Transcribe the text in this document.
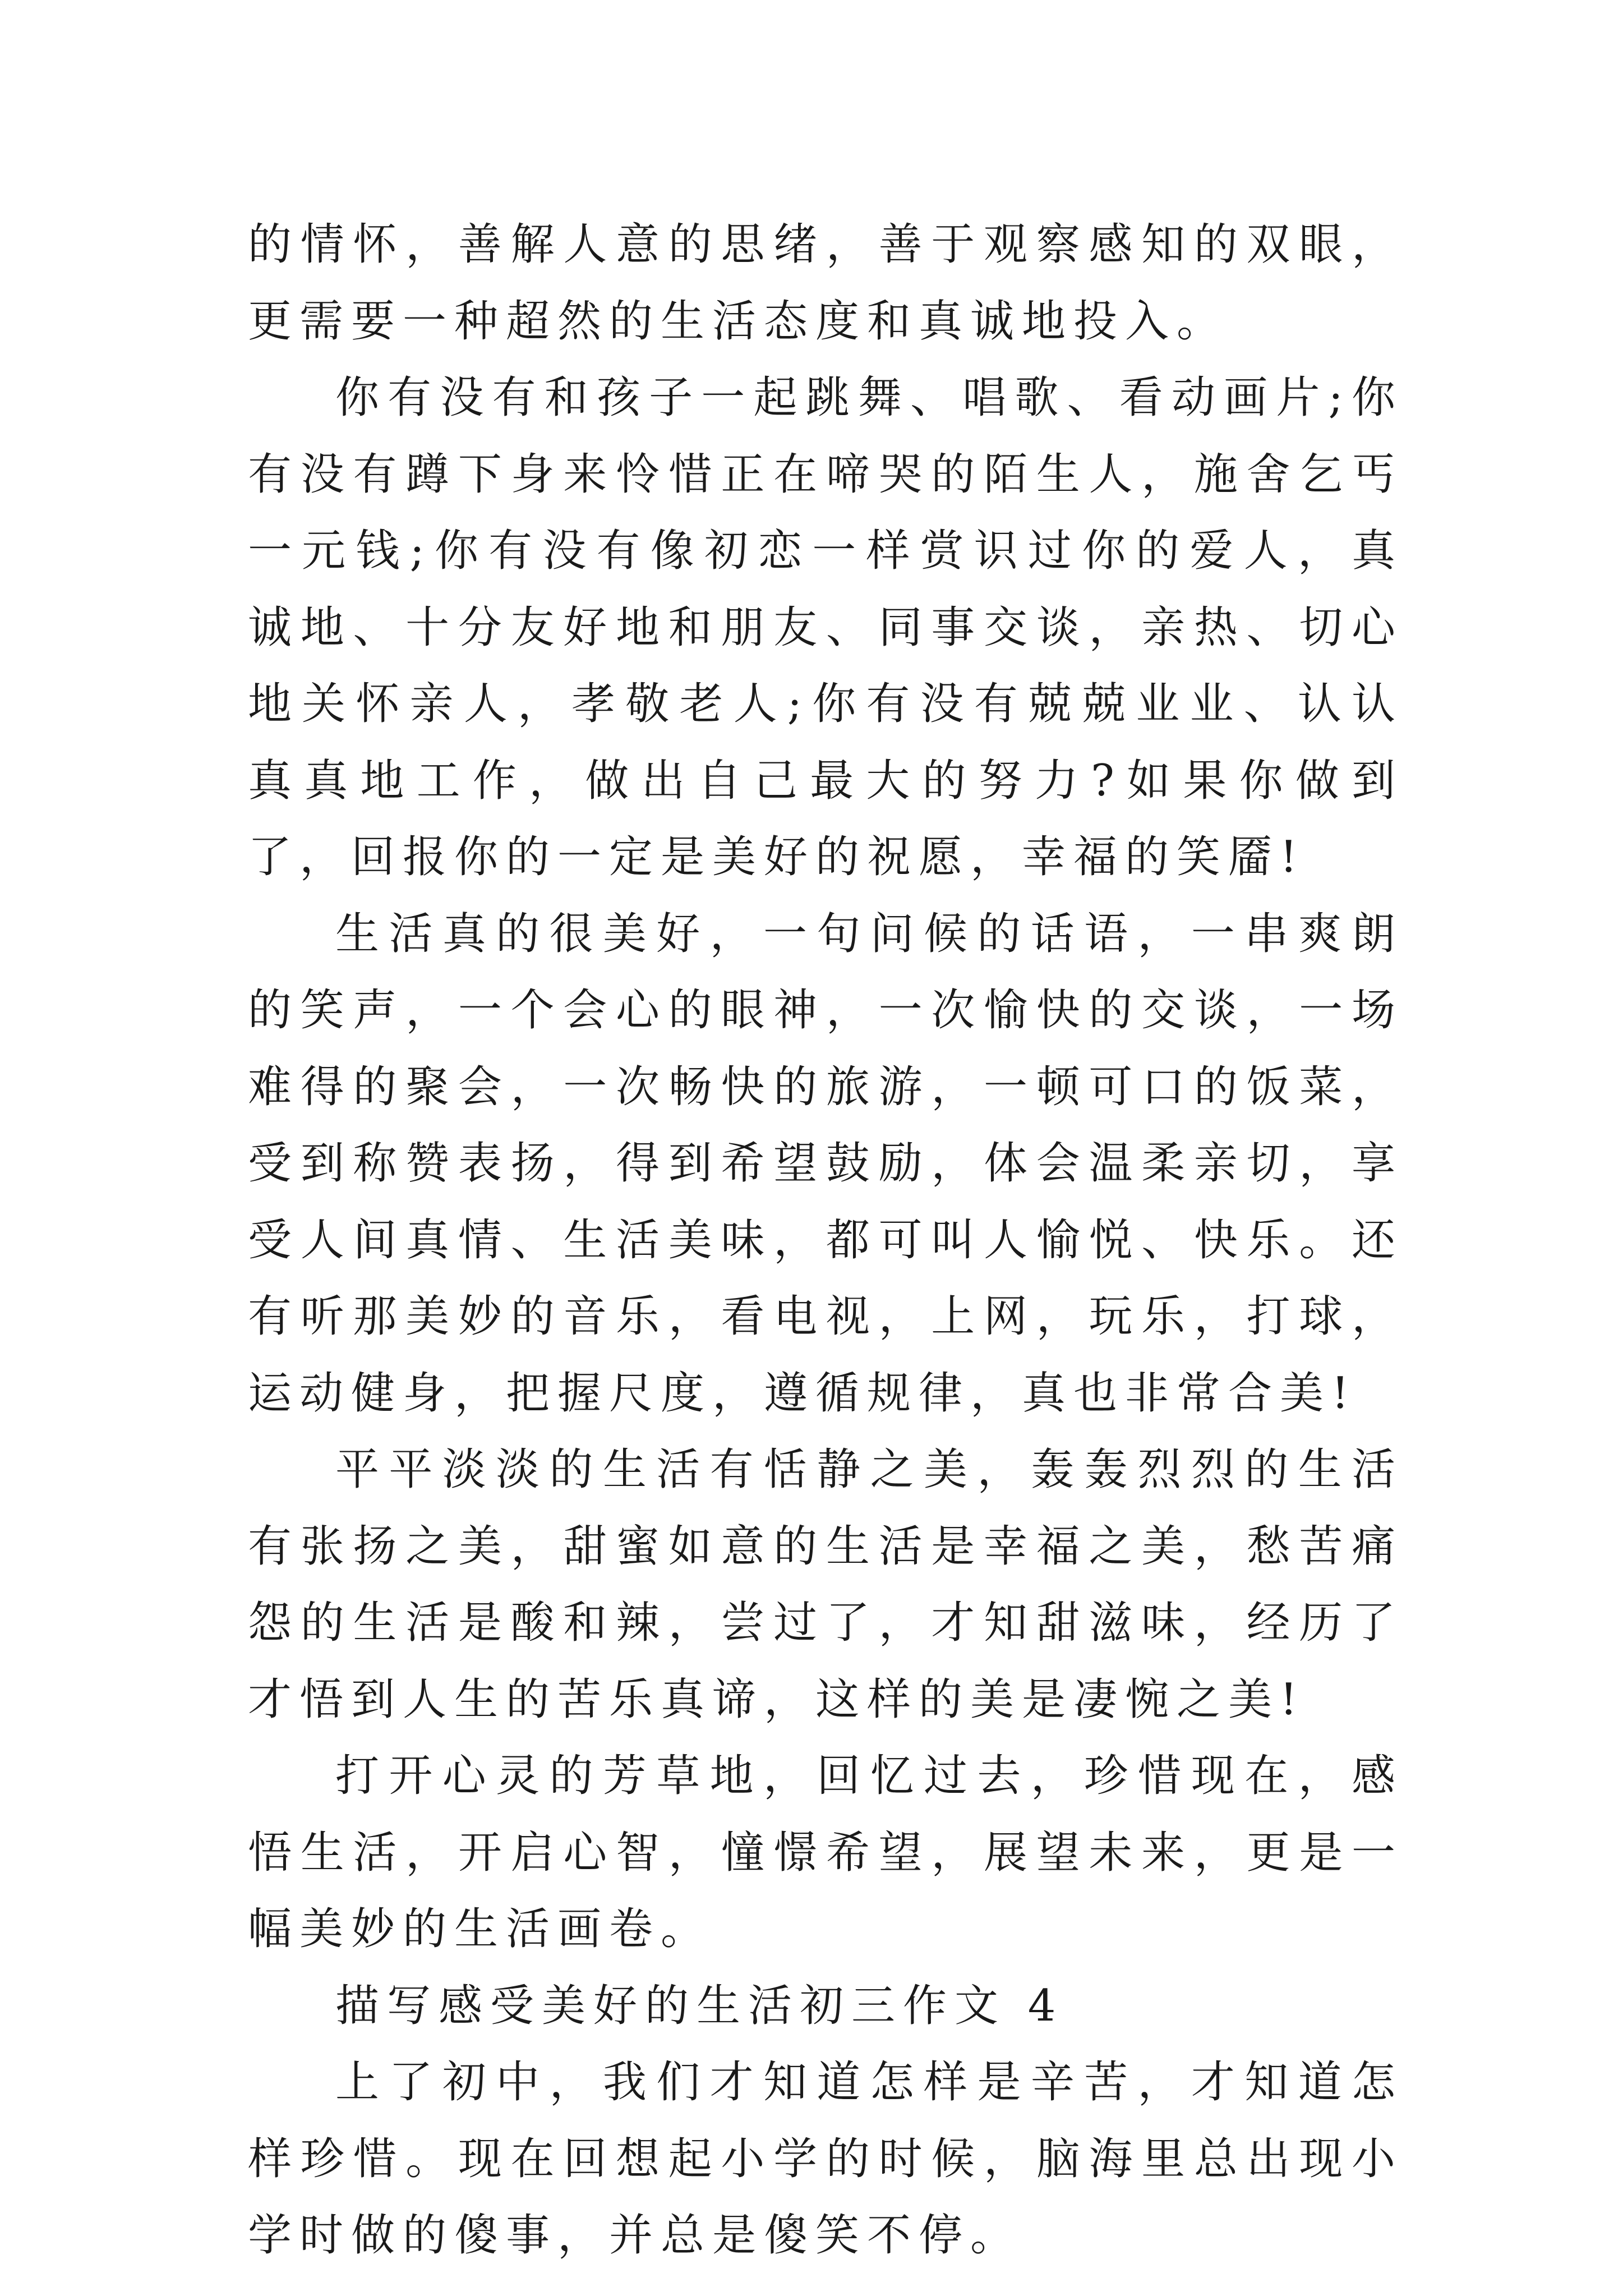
的情怀，善解人意的思绪，善于观察感知的双眼，更需要一种超然的生活态度和真诚地投入。

你有没有和孩子一起跳舞、唱歌、看动画片;你有没有蹲下身来怜惜正在啼哭的陌生人，施舍乞丐一元钱;你有没有像初恋一样赏识过你的爱人，真诚地、十分友好地和朋友、同事交谈，亲热、切心地关怀亲人，孝敬老人;你有没有兢兢业业、认认真真地工作，做出自己最大的努力?如果你做到了，回报你的一定是美好的祝愿，幸福的笑靥!

生活真的很美好，一句问候的话语，一串爽朗的笑声，一个会心的眼神，一次愉快的交谈，一场难得的聚会，一次畅快的旅游，一顿可口的饭菜，受到称赞表扬，得到希望鼓励，体会温柔亲切，享受人间真情、生活美味，都可叫人愉悦、快乐。还有听那美妙的音乐，看电视，上网，玩乐，打球，运动健身，把握尺度，遵循规律，真也非常合美!

平平淡淡的生活有恬静之美，轰轰烈烈的生活有张扬之美，甜蜜如意的生活是幸福之美，愁苦痛怨的生活是酸和辣，尝过了，才知甜滋味，经历了才悟到人生的苦乐真谛，这样的美是凄惋之美!

打开心灵的芳草地，回忆过去，珍惜现在，感悟生活，开启心智，憧憬希望，展望未来，更是一幅美妙的生活画卷。

描写感受美好的生活初三作文 4

上了初中，我们才知道怎样是辛苦，才知道怎样珍惜。现在回想起小学的时候，脑海里总出现小学时做的傻事，并总是傻笑不停。
